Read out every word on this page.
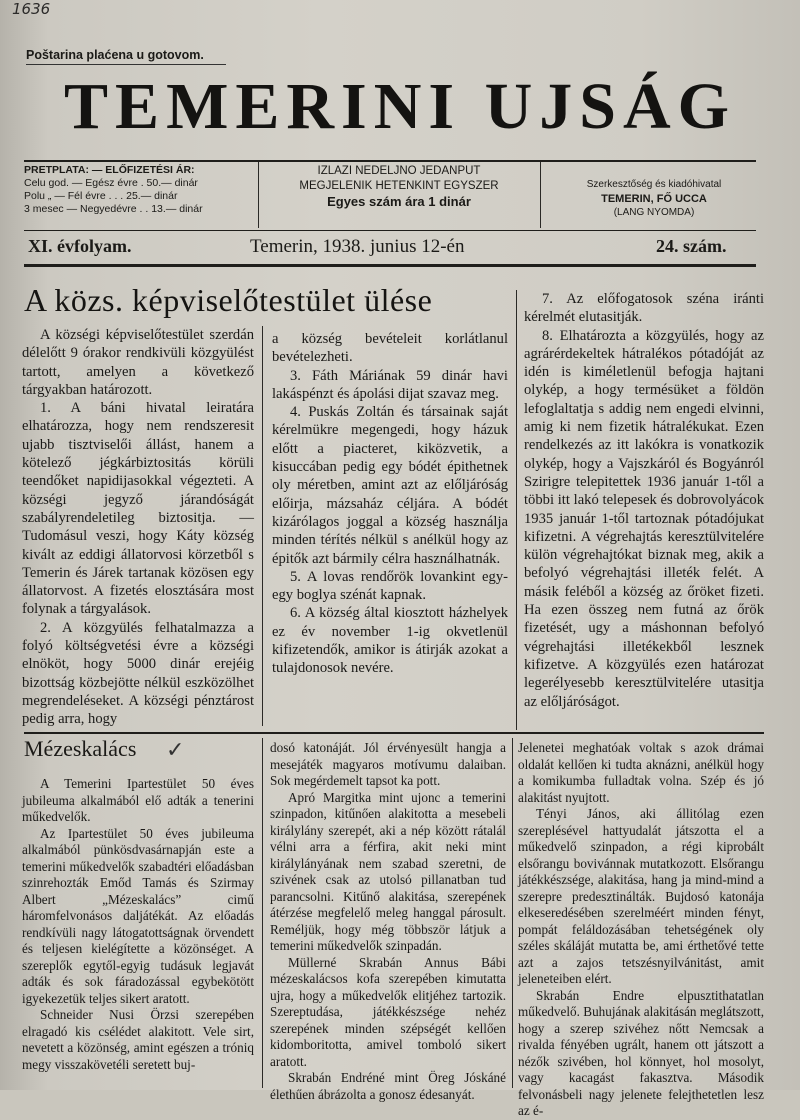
1636
Poštarina plaćena u gotovom.
TEMERINI UJSÁG
PRETPLATA: — ELŐFIZETÉSI ÁR:
Celu god. — Egész évre . 50.— dinár
Polu „ — Fél évre . . . 25.— dinár
3 mesec — Negyedévre . . 13.— dinár
IZLAZI NEDELJNO JEDANPUT
MEGJELENIK HETENKINT EGYSZER
Egyes szám ára 1 dinár
Szerkesztőség és kiadóhivatal
TEMERIN, FŐ UCCA
(LANG NYOMDA)
XI. évfolyam.	Temerin, 1938. junius 12-én	24. szám.
A közs. képviselőtestület ülése

A községi képviselőtestület szerdán délelőtt 9 órakor rendkivüli közgyülést tartott, amelyen a következő tárgyakban határozott.

1. A báni hivatal leiratára elhatározza, hogy nem rendszeresit ujabb tisztviselői állást, hanem a kötelező jégkárbiztositás körüli teendőket napidijasokkal végezteti. A községi jegyző járandóságát szabályrendeletileg biztositja. — Tudomásul veszi, hogy Káty község kivált az eddigi állatorvosi körzetből s Temerin és Járek tartanak közösen egy állatorvost. A fizetés elosztására most folynak a tárgyalások.

2. A közgyülés felhatalmazza a folyó költségvetési évre a községi elnököt, hogy 5000 dinár erejéig bizottság közbejötte nélkül eszközölhet megrendeléseket. A községi pénztárost pedig arra, hogy

a község bevételeit korlátlanul bevételezheti.

3. Fáth Máriának 59 dinár havi lakáspénzt és ápolási dijat szavaz meg.

4. Puskás Zoltán és társainak saját kérelmükre megengedi, hogy házuk előtt a piacteret, kiközvetik, a kisuccában pedig egy bódét épithetnek oly méretben, amint azt az előljáróság előirja, mázsaház céljára. A bódét kizárólagos joggal a község használja minden térítés nélkül s anélkül hogy az épitők azt bármily célra használhatnák.

5. A lovas rendőrök lovankint egy-egy boglya szénát kapnak.

6. A község által kiosztott házhelyek ez év november 1-ig okvetlenül kifizetendők, amikor is átirják azokat a tulajdonosok nevére.

7. Az előfogatosok széna iránti kérelmét elutasitják.

8. Elhatározta a közgyülés, hogy az agrárérdekeltek hátralékos pótadóját az idén is kiméletlenül befogja hajtani olykép, a hogy termésüket a földön lefoglaltatja s addig nem engedi elvinni, amig ki nem fizetik hátralékukat. Ezen rendelkezés az itt lakókra is vonatkozik olykép, hogy a Vajszkáról és Bogyánról Szirigre telepitettek 1936 január 1-től a többi itt lakó telepesek és dobrovolyácok 1935 január 1-től tartoznak pótadójukat kifizetni. A végrehajtás keresztülvitelére külön végrehajtókat biznak meg, akik a befolyó végrehajtási illeték felét. A másik feléből a község az őröket fizeti. Ha ezen összeg nem futná az őrök fizetését, ugy a máshonnan befolyó végrehajtási illetékekből lesznek kifizetve. A közgyülés ezen határozat legerélyesebb keresztülvitelére utasitja az előljáróságot.

Mézeskalács ✓

A Temerini Ipartestület 50 éves jubileuma alkalmából elő adták a tenerini műkedvelők.

Az Ipartestület 50 éves jubileuma alkalmából pünkösdvasárnapján este a temerini műkedvelők szabadtéri előadásban szinrehozták Emőd Tamás és Szirmay Albert „Mézeskalács” cimű háromfelvonásos daljátékát. Az előadás rendkívüli nagy látogatottságnak örvendett és teljesen kielégítette a közönséget. A szereplők egytől-egyig tudásuk legjavát adták és sok fáradozással egybekötött igyekezetük teljes sikert aratott.

Schneider Nusi Örzsi szerepében elragadó kis csélédet alakitott. Vele sirt, nevetett a közönség, amint egészen a tróniq megy visszakövetéli seretett buj-

dosó katonáját. Jól érvényesült hangja a mesejáték magyaros motívumu dalaiban. Sok megérdemelt tapsot ka pott.

Apró Margitka mint ujonc a temerini szinpadon, kitűnően alakitotta a mesebeli királylány szerepét, aki a nép között rátalál vélni arra a férfira, akit neki mint királylányának nem szabad szeretni, de szivének csak az utolsó pillanatban tud parancsolni. Kitűnő alakitása, szerepének átérzése megfelelő meleg hanggal párosult. Reméljük, hogy még többször látjuk a temerini műkedvelők szinpadán.

Müllerné Skrabán Annus Bábi mézeskalácsos kofa szerepében kimutatta ujra, hogy a műkedvelők elitjéhez tartozik. Szereptudása, játékkészsége nehéz szerepének minden szépségét kellően kidomboritotta, amivel tomboló sikert aratott.

Skrabán Endréné mint Öreg Jóskáné élethűen ábrázolta a gonosz édesanyát.

Jelenetei meghatóak voltak s azok drámai oldalát kellően ki tudta aknázni, anélkül hogy a komikumba fulladtak volna. Szép és jó alakitást nyujtott.

Tényi János, aki állitólag ezen szereplésével hattyudalát játszotta el a műkedvelő szinpadon, a régi kiprobált elsőrangu bovivánnak mutatkozott. Elsőrangu játékkészsége, alakitása, hang ja mind-mind a szerepre predesztinálták. Bujdosó katonája elkeseredésében szerelméért minden fényt, pompát feláldozásában tehetségének oly széles skáláját mutatta be, ami érthetővé tette azt a zajos tetszésnyilvánitást, amit jeleneteiben elért.

Skrabán Endre elpusztithatatlan műkedvelő. Buhujának alakitásán meglátszott, hogy a szerep szivéhez nőtt Nemcsak a rivalda fényében ugrált, hanem ott játszott a nézők szivében, hol könnyet, hol mosolyt, vagy kacagást fakasztva. Második felvonásbeli nagy jelenete felejthetetlen lesz az é-
